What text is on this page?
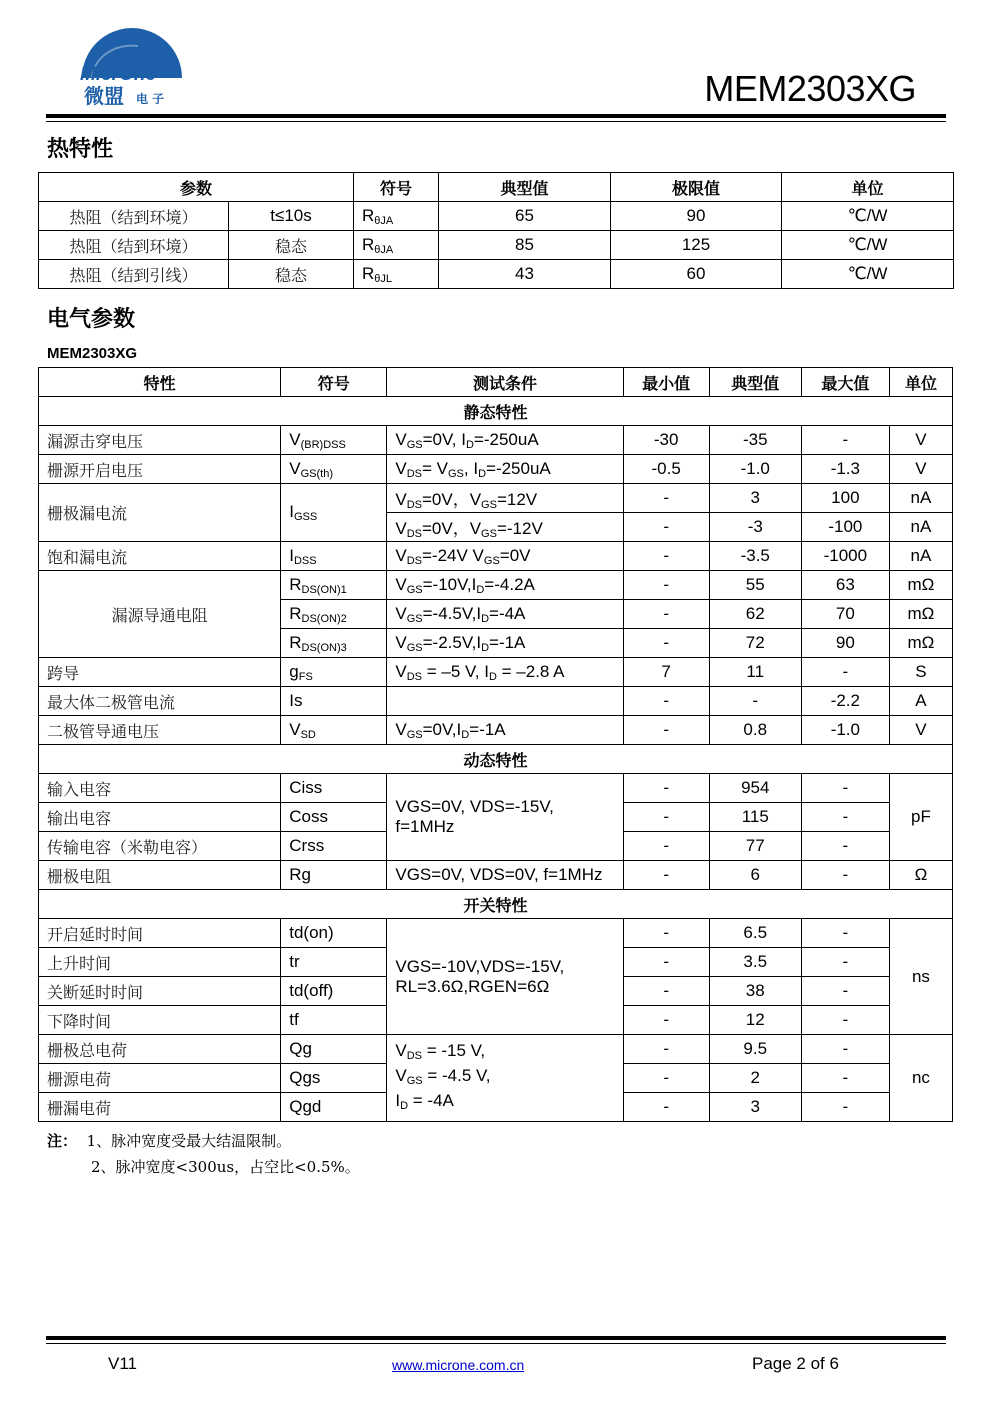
MicrOne
微盟 电 子	MEM2303XG
热特性
参数		符号	典型值	极限值	单位
热阻（结到环境）	t≤10s	$R_{\theta JA}$	65	90	℃/W
热阻（结到环境）	稳态	$R_{\theta JA}$	85	125	℃/W
热阻（结到引线）	稳态	$R_{\theta JL}$	43	60	℃/W
电气参数
MEM2303XG
特性	符号	测试条件	最小值	典型值	最大值	单位
静态特性						
漏源击穿电压	$V_{(BR)DSS}$	$V_{GS}=0V$, $I_D=-250uA$	-30	-35	-	V
栅源开启电压	$V_{GS(th)}$	$V_{DS}= V_{GS}$, $I_D=-250uA$	-0.5	-1.0	-1.3	V
栅极漏电流	$I_{GSS}$	$V_{DS}=0V$，$V_{GS}=12V$	-	3	100	nA
		$V_{DS}=0V$，$V_{GS}=-12V$	-	-3	-100	nA
饱和漏电流	$I_{DSS}$	$V_{DS}=-24V$ $V_{GS}=0V$	-	-3.5	-1000	nA
漏源导通电阻	$R_{DS(ON)1}$	$V_{GS}=-10V,I_D=-4.2A$	-	55	63	mΩ
	$R_{DS(ON)2}$	$V_{GS}=-4.5V,I_D=-4A$	-	62	70	mΩ
	$R_{DS(ON)3}$	$V_{GS}=-2.5V,I_D=-1A$	-	72	90	mΩ
跨导	$g_{FS}$	$V_{DS} = -5$ V, $I_D = -2.8$ A	7	11	-	S
最大体二极管电流	Is		-	-	-2.2	A
二极管导通电压	$V_{SD}$	$V_{GS}=0V,I_D=-1A$	-	0.8	-1.0	V
动态特性						
输入电容	Ciss	VGS=0V, VDS=-15V, f=1MHz	-	954	-	pF
输出电容	Coss		-	115	-	
传输电容（米勒电容）	Crss		-	77	-	
栅极电阻	Rg	VGS=0V, VDS=0V, f=1MHz	-	6	-	Ω
开关特性						
开启延时时间	td(on)	VGS=-10V,VDS=-15V, RL=3.6Ω,RGEN=6Ω	-	6.5	-	ns
上升时间	tr		-	3.5	-	
关断延时时间	td(off)		-	38	-	
下降时间	tf		-	12	-	
栅极总电荷	Qg	$V_{DS} = -15$ V,
$V_{GS} = -4.5$ V,
$I_D = -4A$	-	9.5	-	nc
栅源电荷	Qgs		-	2	-	
栅漏电荷	Qgd		-	3	-	
注： 1、脉冲宽度受最大结温限制。
2、脉冲宽度<300us，占空比<0.5%。
V11	www.microne.com.cn	Page 2 of 6
